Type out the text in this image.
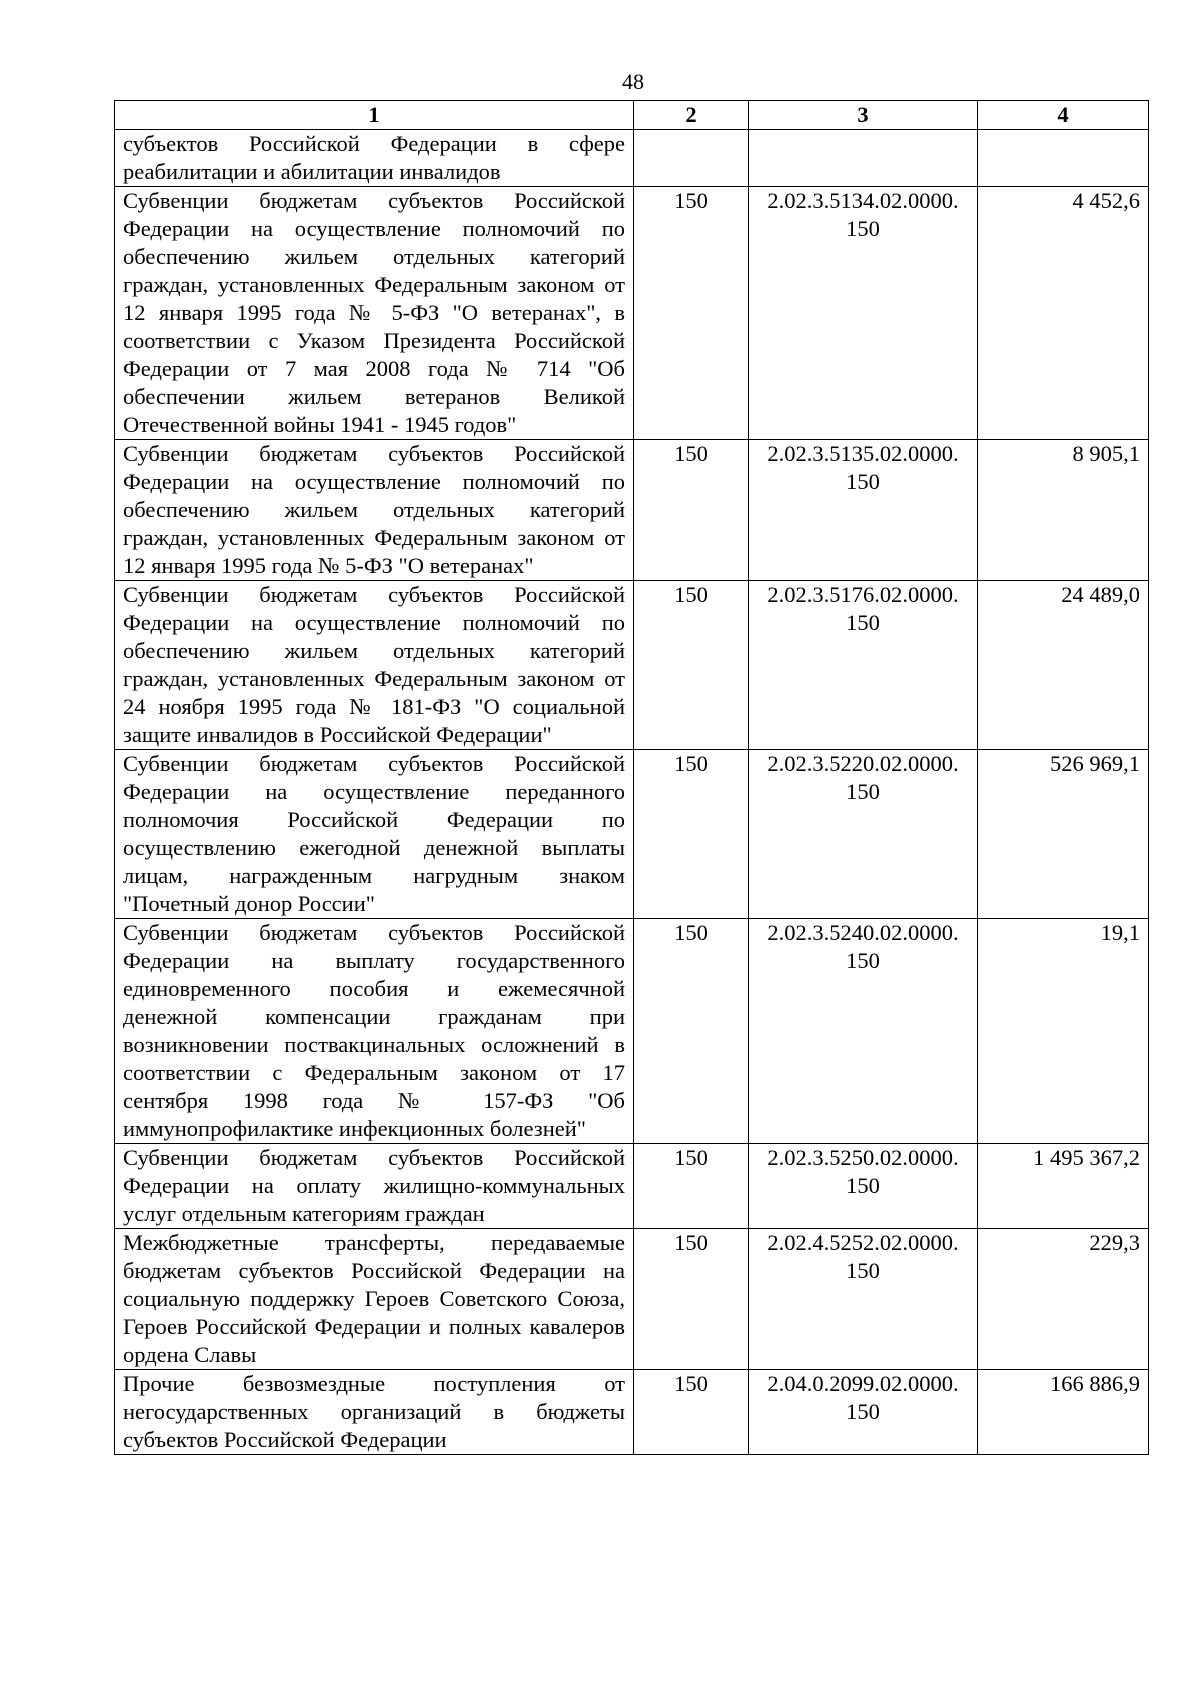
48
1	2	3	4
субъектов Российской Федерации в сфере реабилитации и абилитации инвалидов			
Субвенции бюджетам субъектов Российской Федерации на осуществление полномочий по обеспечению жильем отдельных категорий граждан, установленных Федеральным законом от 12 января 1995 года № 5-ФЗ "О ветеранах", в соответствии с Указом Президента Российской Федерации от 7 мая 2008 года № 714 "Об обеспечении жильем ветеранов Великой Отечественной войны 1941 - 1945 годов"	150	2.02.3.5134.02.0000. 150	4 452,6
Субвенции бюджетам субъектов Российской Федерации на осуществление полномочий по обеспечению жильем отдельных категорий граждан, установленных Федеральным законом от 12 января 1995 года № 5-ФЗ "О ветеранах"	150	2.02.3.5135.02.0000. 150	8 905,1
Субвенции бюджетам субъектов Российской Федерации на осуществление полномочий по обеспечению жильем отдельных категорий граждан, установленных Федеральным законом от 24 ноября 1995 года № 181-ФЗ "О социальной защите инвалидов в Российской Федерации"	150	2.02.3.5176.02.0000. 150	24 489,0
Субвенции бюджетам субъектов Российской Федерации на осуществление переданного полномочия Российской Федерации по осуществлению ежегодной денежной выплаты лицам, награжденным нагрудным знаком "Почетный донор России"	150	2.02.3.5220.02.0000. 150	526 969,1
Субвенции бюджетам субъектов Российской Федерации на выплату государственного единовременного пособия и ежемесячной денежной компенсации гражданам при возникновении поствакцинальных осложнений в соответствии с Федеральным законом от 17 сентября 1998 года № 157-ФЗ "Об иммунопрофилактике инфекционных болезней"	150	2.02.3.5240.02.0000. 150	19,1
Субвенции бюджетам субъектов Российской Федерации на оплату жилищно-коммунальных услуг отдельным категориям граждан	150	2.02.3.5250.02.0000. 150	1 495 367,2
Межбюджетные трансферты, передаваемые бюджетам субъектов Российской Федерации на социальную поддержку Героев Советского Союза, Героев Российской Федерации и полных кавалеров ордена Славы	150	2.02.4.5252.02.0000. 150	229,3
Прочие безвозмездные поступления от негосударственных организаций в бюджеты субъектов Российской Федерации	150	2.04.0.2099.02.0000. 150	166 886,9
